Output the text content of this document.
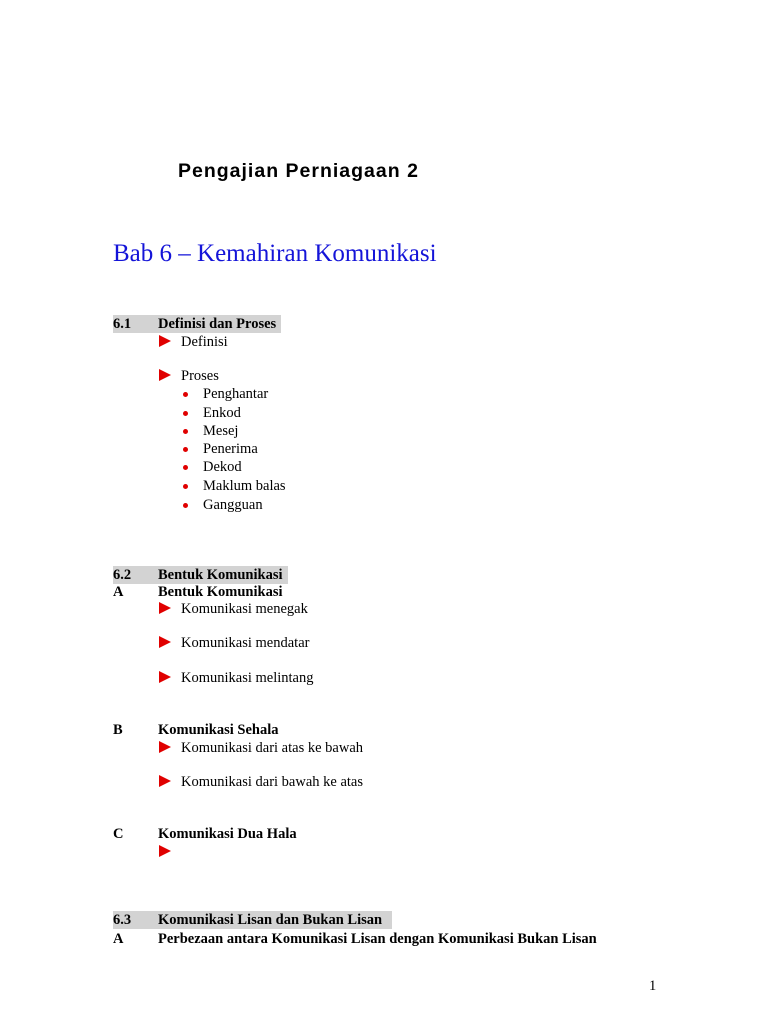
Pengajian Perniagaan 2
Bab 6 – Kemahiran Komunikasi
6.1 Definisi dan Proses
Definisi
Proses
Penghantar
Enkod
Mesej
Penerima
Dekod
Maklum balas
Gangguan
6.2 Bentuk Komunikasi
A Bentuk Komunikasi
Komunikasi menegak
Komunikasi mendatar
Komunikasi melintang
B Komunikasi Sehala
Komunikasi dari atas ke bawah
Komunikasi dari bawah ke atas
C Komunikasi Dua Hala
6.3 Komunikasi Lisan dan Bukan Lisan
A Perbezaan antara Komunikasi Lisan dengan Komunikasi Bukan Lisan
1
